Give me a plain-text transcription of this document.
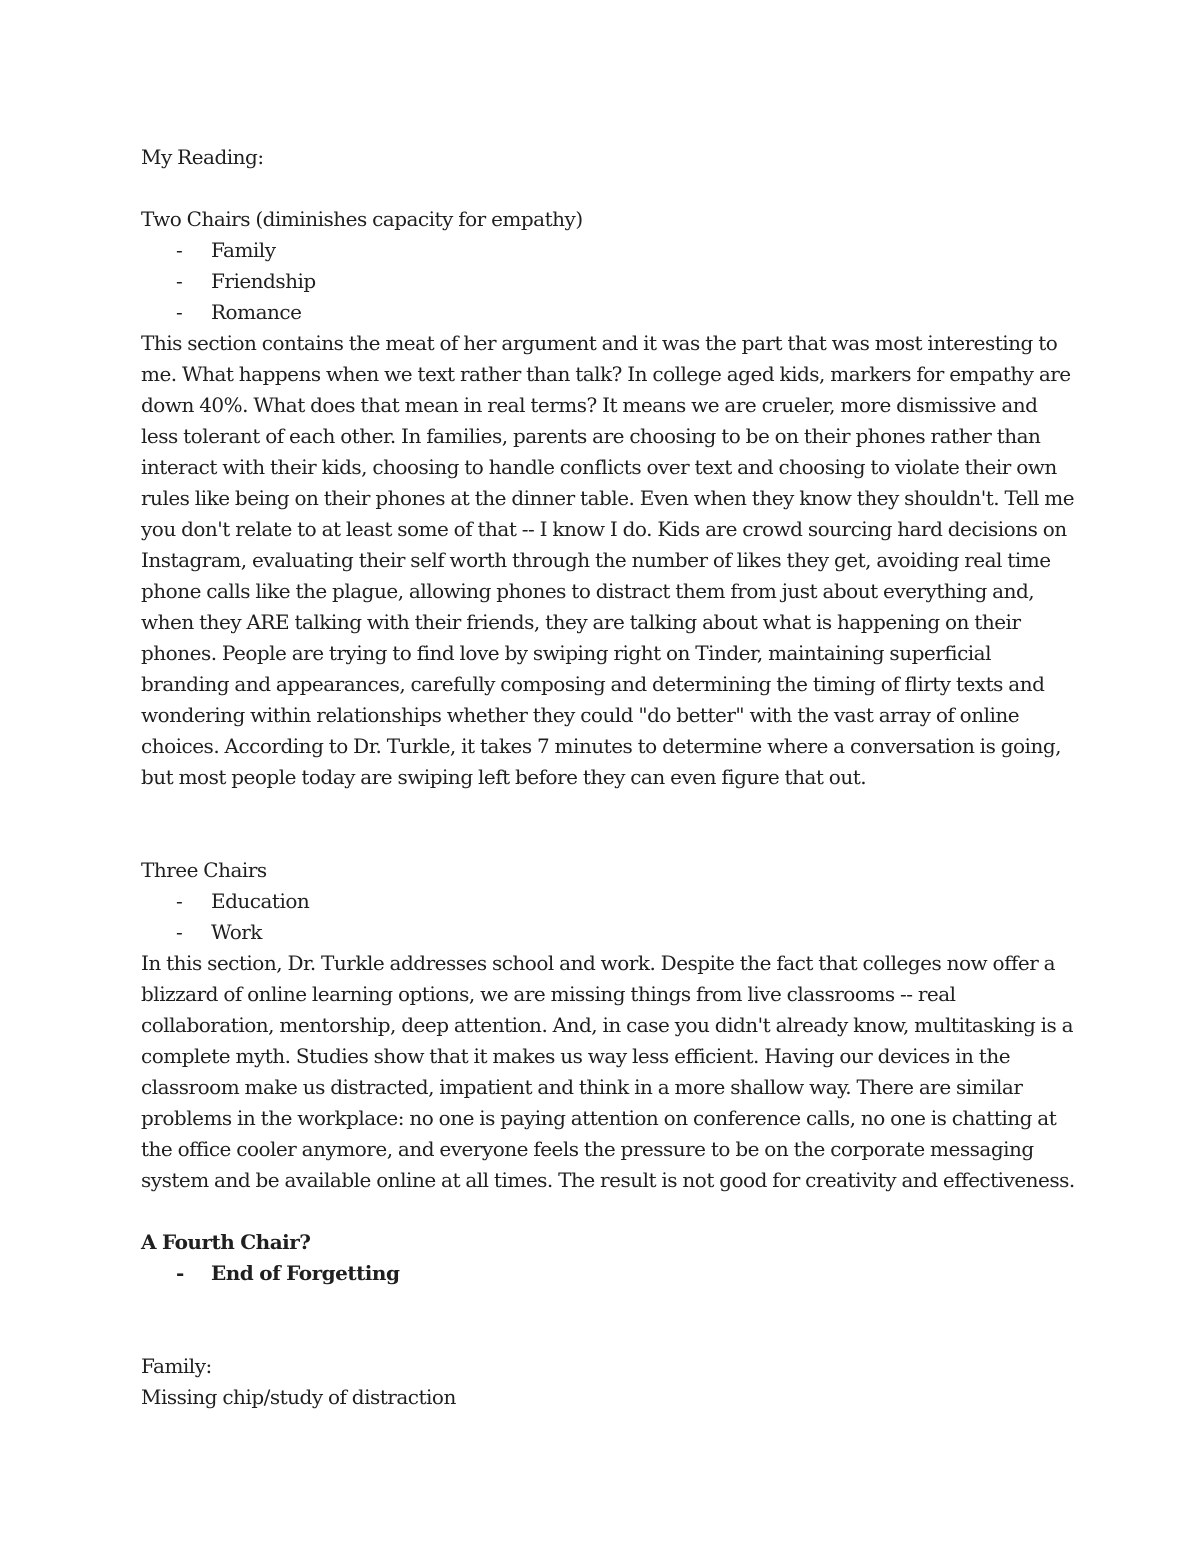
My Reading:
Two Chairs (diminishes capacity for empathy)
- Family
- Friendship
- Romance
This section contains the meat of her argument and it was the part that was most interesting to
me. What happens when we text rather than talk? In college aged kids, markers for empathy are
down 40%. What does that mean in real terms? It means we are crueler, more dismissive and
less tolerant of each other. In families, parents are choosing to be on their phones rather than
interact with their kids, choosing to handle conflicts over text and choosing to violate their own
rules like being on their phones at the dinner table. Even when they know they shouldn't. Tell me
you don't relate to at least some of that -- I know I do. Kids are crowd sourcing hard decisions on
Instagram, evaluating their self worth through the number of likes they get, avoiding real time
phone calls like the plague, allowing phones to distract them from just about everything and,
when they ARE talking with their friends, they are talking about what is happening on their
phones. People are trying to find love by swiping right on Tinder, maintaining superficial
branding and appearances, carefully composing and determining the timing of flirty texts and
wondering within relationships whether they could "do better" with the vast array of online
choices. According to Dr. Turkle, it takes 7 minutes to determine where a conversation is going,
but most people today are swiping left before they can even figure that out.
Three Chairs
- Education
- Work
In this section, Dr. Turkle addresses school and work. Despite the fact that colleges now offer a
blizzard of online learning options, we are missing things from live classrooms -- real
collaboration, mentorship, deep attention. And, in case you didn't already know, multitasking is a
complete myth. Studies show that it makes us way less efficient. Having our devices in the
classroom make us distracted, impatient and think in a more shallow way. There are similar
problems in the workplace: no one is paying attention on conference calls, no one is chatting at
the office cooler anymore, and everyone feels the pressure to be on the corporate messaging
system and be available online at all times. The result is not good for creativity and effectiveness.
A Fourth Chair?
- End of Forgetting
Family:
Missing chip/study of distraction
